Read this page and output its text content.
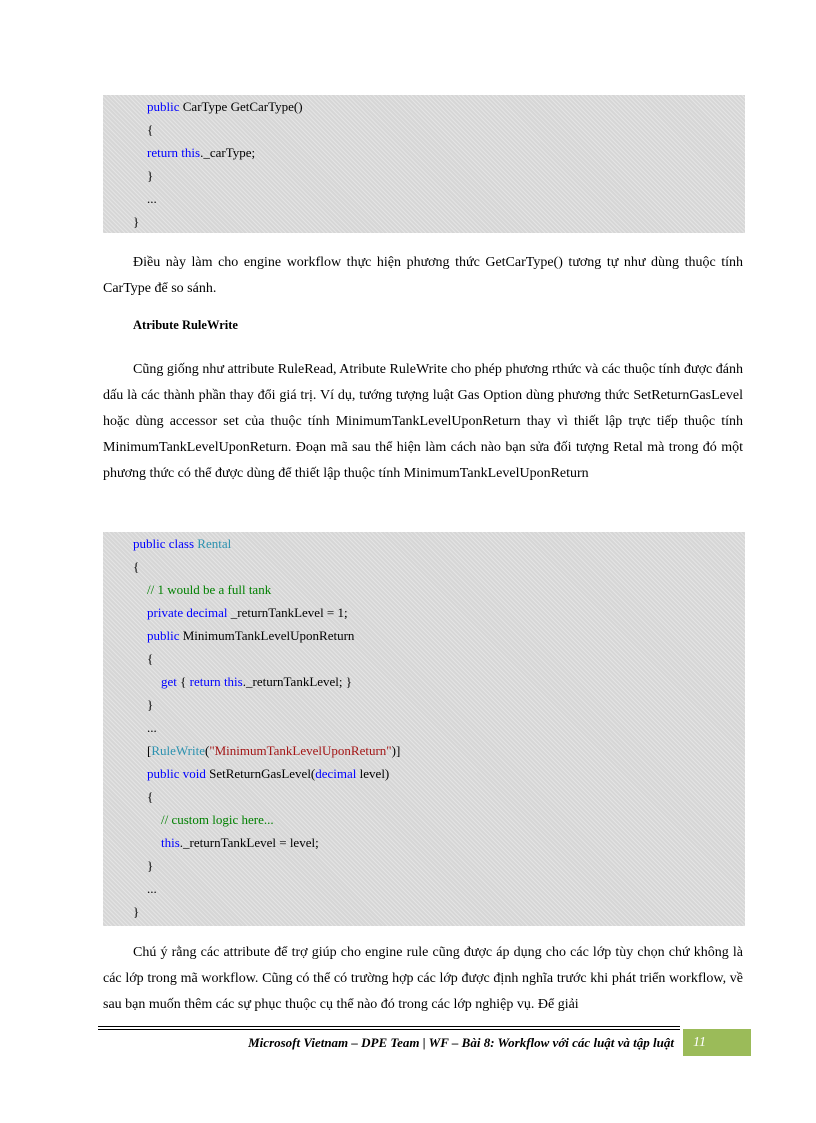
public CarType GetCarType()
{
return this._carType;
}
...
}
Điều này làm cho engine workflow thực hiện phương thức GetCarType() tương tự như dùng thuộc tính CarType để so sánh.
Atribute RuleWrite
Cũng giống như attribute RuleRead, Atribute RuleWrite cho phép phương rthức và các thuộc tính được đánh dấu là các thành phần thay đổi giá trị. Ví dụ, tướng tượng luật Gas Option dùng phương thức SetReturnGasLevel hoặc dùng accessor set của thuộc tính MinimumTankLevelUponReturn thay vì thiết lập trực tiếp thuộc tính MinimumTankLevelUponReturn. Đoạn mã sau thể hiện làm cách nào bạn sửa đối tượng Retal mà trong đó một phương thức có thể được dùng để thiết lập thuộc tính MinimumTankLevelUponReturn
public class Rental
{
// 1 would be a full tank
private decimal _returnTankLevel = 1;
public MinimumTankLevelUponReturn
{
get { return this._returnTankLevel; }
}
...
[RuleWrite("MinimumTankLevelUponReturn")]
public void SetReturnGasLevel(decimal level)
{
// custom logic here...
this._returnTankLevel = level;
}
...
}
Chú ý rằng các attribute để trợ giúp cho engine rule cũng được áp dụng cho các lớp tùy chọn chứ không là các lớp trong mã workflow. Cũng có thể có trường hợp các lớp được định nghĩa trước khi phát triển workflow, về sau bạn muốn thêm các sự phục thuộc cụ thể nào đó trong các lớp nghiệp vụ. Để giải
Microsoft Vietnam – DPE Team | WF – Bài 8: Workflow với các luật và tập luật	11
